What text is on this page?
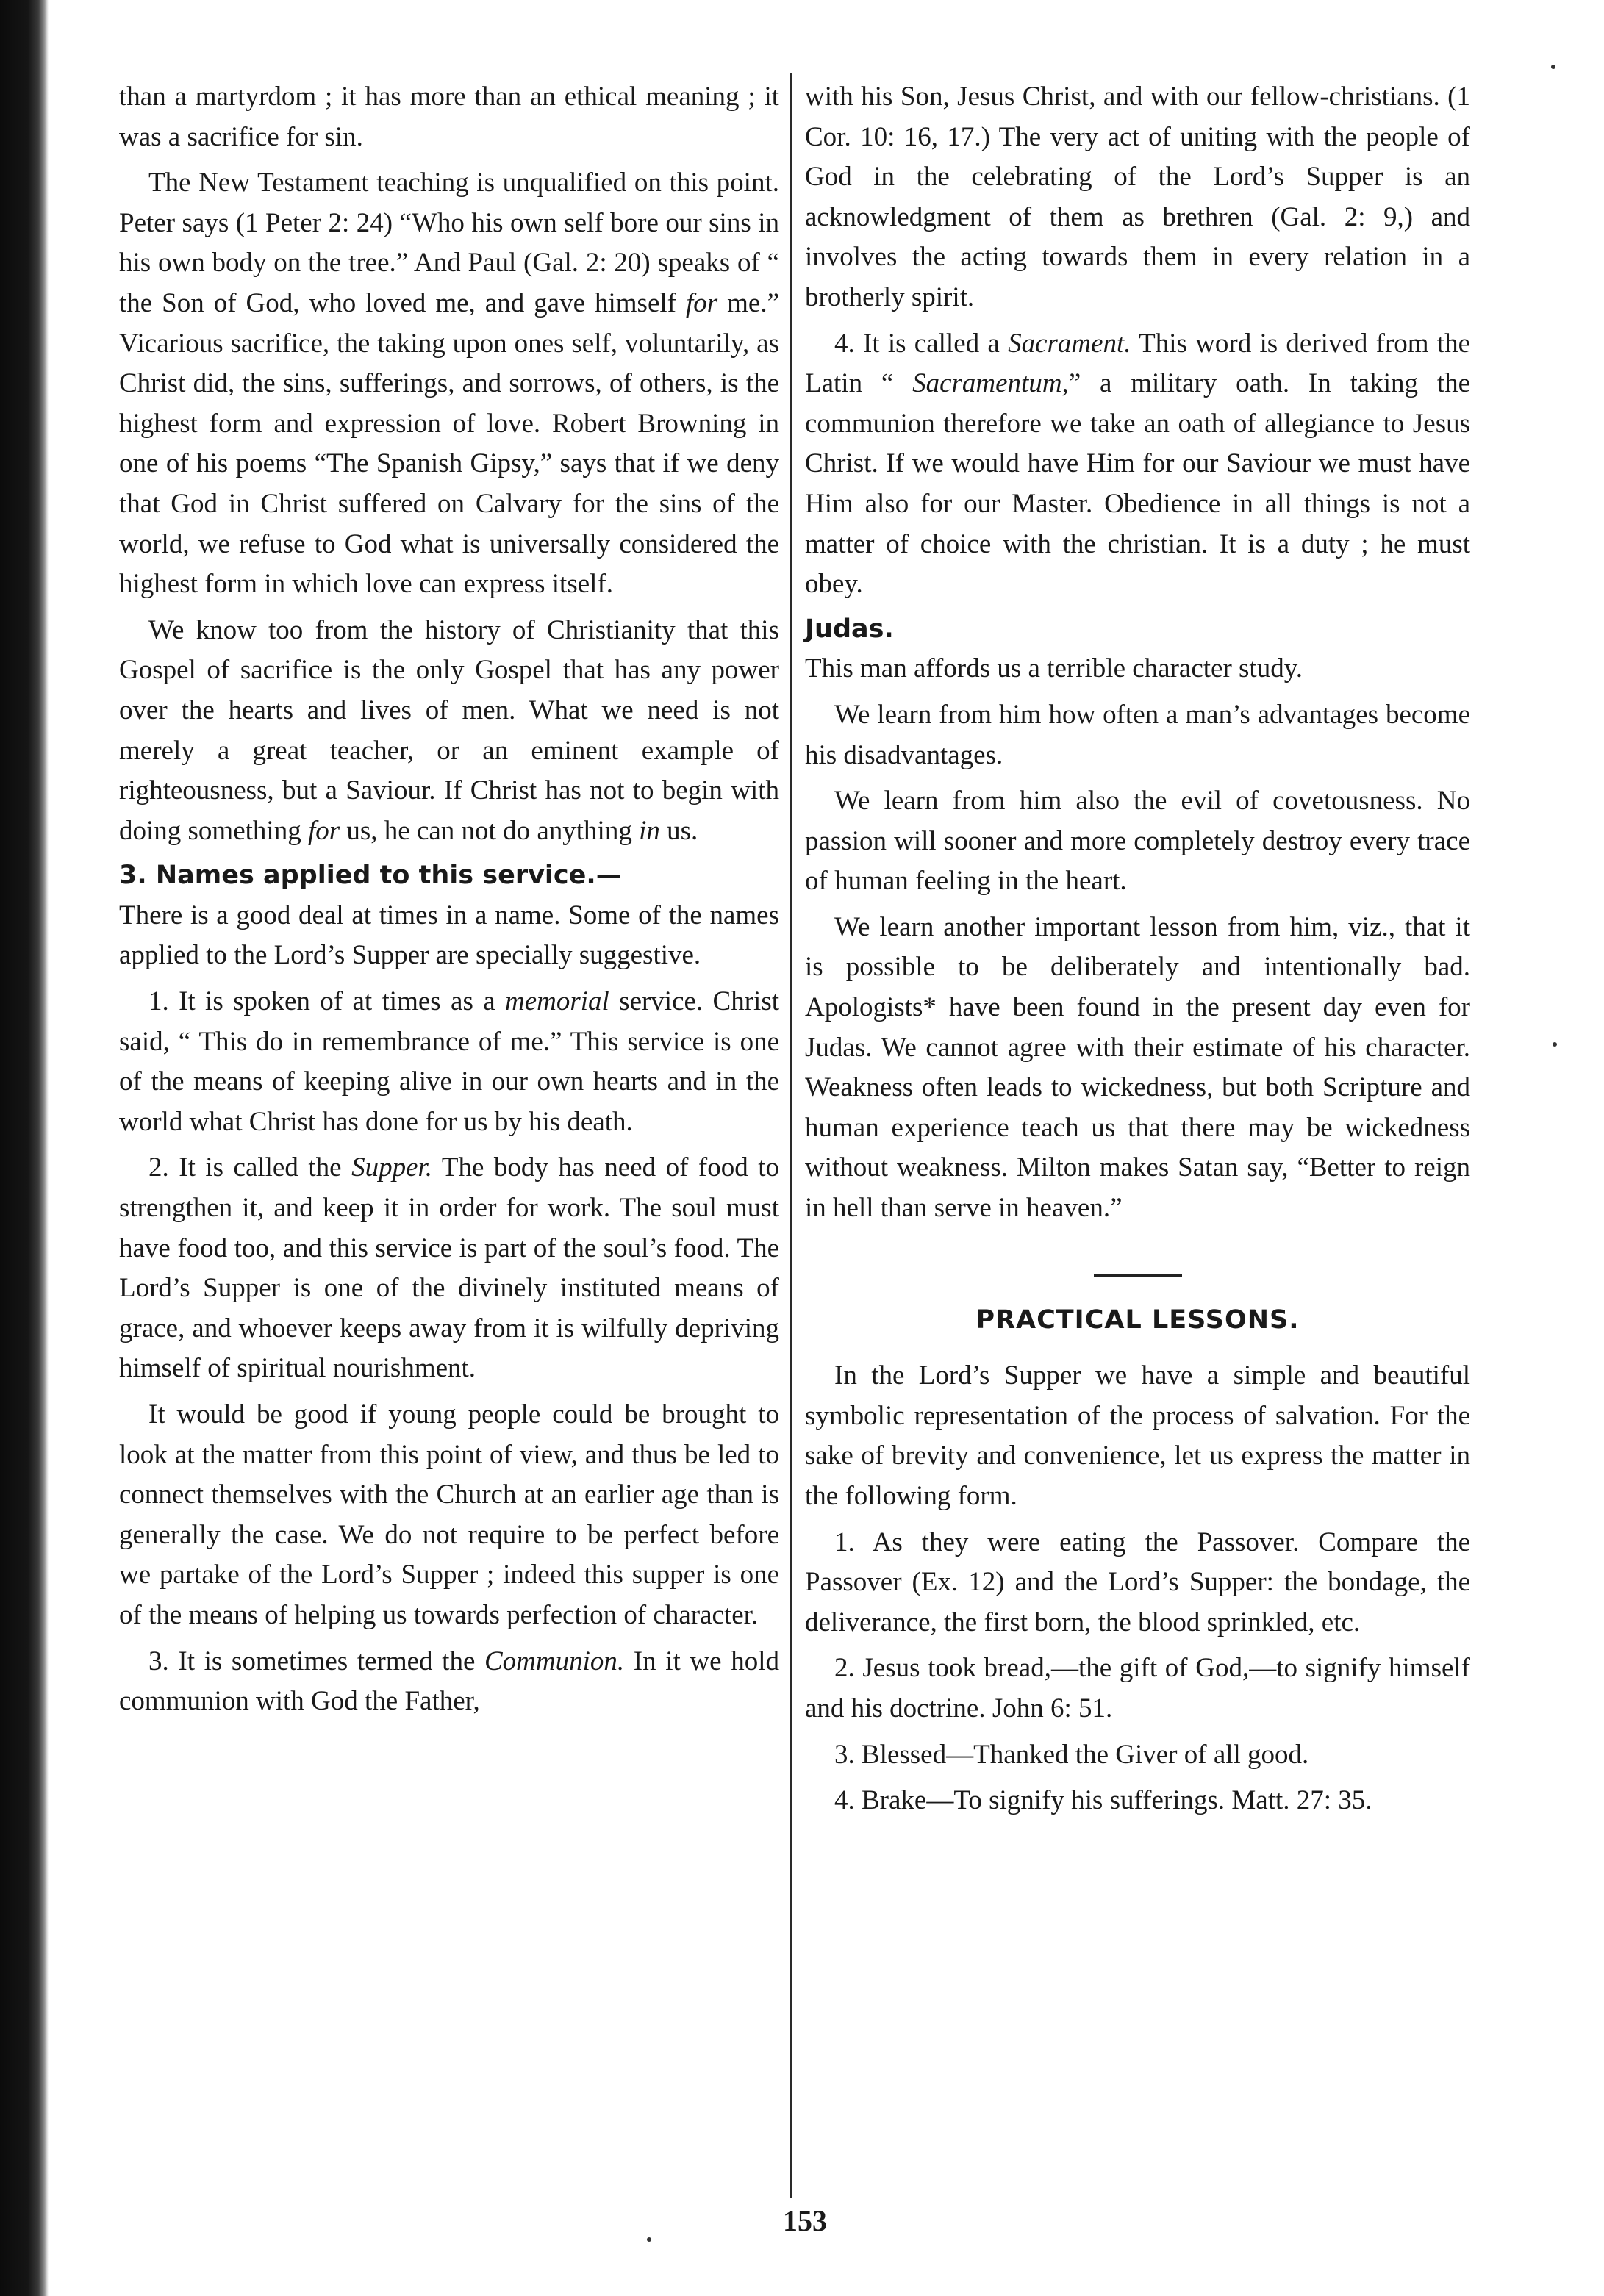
than a martyrdom ; it has more than an ethical meaning ; it was a sacrifice for sin.

The New Testament teaching is unqualified on this point. Peter says (1 Peter 2: 24) “Who his own self bore our sins in his own body on the tree.” And Paul (Gal. 2: 20) speaks of “ the Son of God, who loved me, and gave himself for me.” Vicarious sacrifice, the taking upon ones self, voluntarily, as Christ did, the sins, sufferings, and sorrows, of others, is the highest form and expression of love. Robert Browning in one of his poems “The Spanish Gipsy,” says that if we deny that God in Christ suffered on Calvary for the sins of the world, we refuse to God what is universally considered the highest form in which love can express itself.

We know too from the history of Christianity that this Gospel of sacrifice is the only Gospel that has any power over the hearts and lives of men. What we need is not merely a great teacher, or an eminent example of righteousness, but a Saviour. If Christ has not to begin with doing something for us, he can not do anything in us.

3. Names applied to this service.—

There is a good deal at times in a name. Some of the names applied to the Lord’s Supper are specially suggestive.

1. It is spoken of at times as a memorial service. Christ said, “ This do in remembrance of me.” This service is one of the means of keeping alive in our own hearts and in the world what Christ has done for us by his death.

2. It is called the Supper. The body has need of food to strengthen it, and keep it in order for work. The soul must have food too, and this service is part of the soul’s food. The Lord’s Supper is one of the divinely instituted means of grace, and whoever keeps away from it is wilfully depriving himself of spiritual nourishment.

It would be good if young people could be brought to look at the matter from this point of view, and thus be led to connect themselves with the Church at an earlier age than is generally the case. We do not require to be perfect before we partake of the Lord’s Supper ; indeed this supper is one of the means of helping us towards perfection of character.

3. It is sometimes termed the Communion. In it we hold communion with God the Father,

with his Son, Jesus Christ, and with our fellow-christians. (1 Cor. 10: 16, 17.) The very act of uniting with the people of God in the celebrating of the Lord’s Supper is an acknowledgment of them as brethren (Gal. 2: 9,) and involves the acting towards them in every relation in a brotherly spirit.

4. It is called a Sacrament. This word is derived from the Latin “ Sacramentum,” a military oath. In taking the communion therefore we take an oath of allegiance to Jesus Christ. If we would have Him for our Saviour we must have Him also for our Master. Obedience in all things is not a matter of choice with the christian. It is a duty ; he must obey.

Judas.

This man affords us a terrible character study.

We learn from him how often a man’s advantages become his disadvantages.

We learn from him also the evil of covetousness. No passion will sooner and more completely destroy every trace of human feeling in the heart.

We learn another important lesson from him, viz., that it is possible to be deliberately and intentionally bad. Apologists* have been found in the present day even for Judas. We cannot agree with their estimate of his character. Weakness often leads to wickedness, but both Scripture and human experience teach us that there may be wickedness without weakness. Milton makes Satan say, “Better to reign in hell than serve in heaven.”

PRACTICAL LESSONS.

In the Lord’s Supper we have a simple and beautiful symbolic representation of the process of salvation. For the sake of brevity and convenience, let us express the matter in the following form.

1. As they were eating the Passover. Compare the Passover (Ex. 12) and the Lord’s Supper: the bondage, the deliverance, the first born, the blood sprinkled, etc.

2. Jesus took bread,—the gift of God,—to signify himself and his doctrine. John 6: 51.

3. Blessed—Thanked the Giver of all good.

4. Brake—To signify his sufferings. Matt. 27: 35.

153
